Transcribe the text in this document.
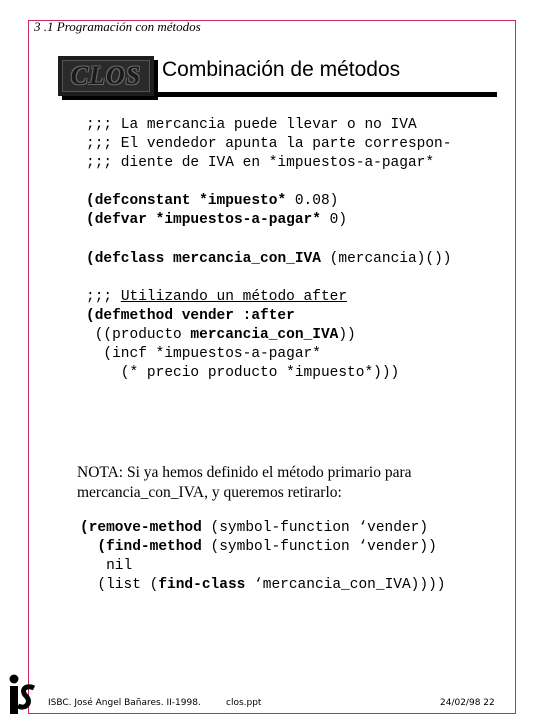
3 .1 Programación con métodos
CLOS Combinación de métodos
;;; La mercancia puede llevar o no IVA
;;; El vendedor apunta la parte correspon-
;;; diente de IVA en *impuestos-a-pagar*
(defconstant *impuesto* 0.08)
(defvar *impuestos-a-pagar* 0)
(defclass mercancia_con_IVA (mercancia)())
;;; Utilizando un método after
(defmethod vender :after
((producto mercancia_con_IVA))
(incf *impuestos-a-pagar*
(* precio producto *impuesto*)))
NOTA: Si ya hemos definido el método primario para mercancia_con_IVA, y queremos retirarlo:
(remove-method (symbol-function ‘vender)
(find-method (symbol-function ‘vender))
nil
(list (find-class ‘mercancia_con_IVA))))
ISBC. José Angel Bañares. II-1998.	clos.ppt	24/02/98 22
